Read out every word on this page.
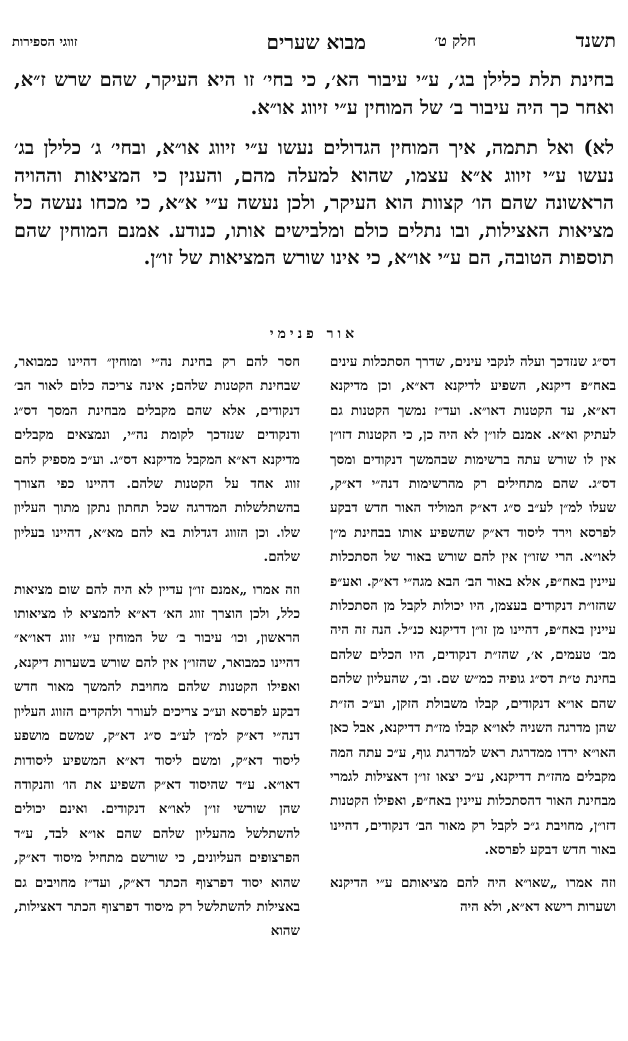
תשנד
חלק ט׳
מבוא שערים
זווגי הספירות

בחינת תלת כלילן בג׳, ע״י עיבור הא׳, כי בחי׳ זו היא העיקר, שהם שרש ז״א, ואחר כך היה עיבור ב׳ של המוחין ע״י זיווג או״א.

לא) ואל תתמה, איך המוחין הגדולים נעשו ע״י זיווג או״א, ובחי׳ ג׳ כלילן בג׳ נעשו ע״י זיווג א״א עצמו, שהוא למעלה מהם, והענין כי המציאות וההויה הראשונה שהם הו׳ קצוות הוא העיקר, ולכן נעשה ע״י א״א, כי מכחו נעשה כל מציאות האצילות, ובו נתלים כולם ומלבישים אותו, כנודע. אמנם המוחין שהם תוספות הטובה, הם ע״י או״א, כי אינו שורש המציאות של זו״ן.

אור פנימי

דס״ג שנזדכך ועלה לנקבי עינים, שדרך הסתכלות עינים באח״פ דיקנא, השפיע לדיקנא דא״א, וכן מדיקנא דא״א, עד הקטנות דאו״א. ועד״ז נמשך הקטנות גם לעתיק וא״א. אמנם לזו״ן לא היה כן, כי הקטנות דזו״ן אין לו שורש עתה ברשימות שבהמשך דנקודים ומסך דס״ג. שהם מתחילים רק מהרשימות דנה״י דא״ק, שעלו למ״ן לע״ב ס״ג דא״ק המוליד האור חדש דבקע לפרסא וירד ליסוד דא״ק שהשפיע אותו בבחינת מ״ן לאו״א. הרי שזו״ן אין להם שורש באור של הסתכלות עיינין באח״פ, אלא באור הב׳ הבא מגה״י דא״ק. ואע״פ שהזו״ת דנקודים בעצמן, היו יכולות לקבל מן הסתכלות עיינין באח״פ, דהיינו מן זו״ן דדיקנא כנ״ל. הנה זה היה מב׳ טעמים, א׳, שהז״ת דנקודים, היו הכלים שלהם בחינת ט״ת דס״ג גופיה כמ״ש שם. וב׳, שהעליון שלהם שהם או״א דנקודים, קבלו משבולת הזקן, וע״כ הז״ת שהן מדרגה השניה לאו״א קבלו מז״ת דדיקנא, אבל כאן האו״א ירדו ממדרגת ראש למדרגת גוף, ע״כ עתה המה מקבלים מהז״ת דדיקנא, ע״כ יצאו זו״ן דאצילות לגמרי מבחינת האור דהסתכלות עיינין באח״פ, ואפילו הקטנות דזו״ן, מחויבת ג״כ לקבל רק מאור הב׳ דנקודים, דהיינו באור חדש דבקע לפרסא.

וזה אמרו „שאו״א היה להם מציאותם ע״י הדיקנא ושערות רישא דא״א, ולא היה

חסר להם רק בחינת נה״י ומוחין״ דהיינו כמבואר, שבחינת הקטנות שלהם; אינה צריכה כלום לאור הב׳ דנקודים, אלא שהם מקבלים מבחינת המסך דס״ג ודנקודים שנזדכך לקומת נה״י, ונמצאים מקבלים מדיקנא דא״א המקבל מדיקנא דס״ג. וע״כ מספיק להם זווג אחד על הקטנות שלהם. דהיינו כפי הצורך בהשתלשלות המדרגה שכל תחתון נתקן מתוך העליון שלו. וכן הזווג דגדלות בא להם מא״א, דהיינו בעליון שלהם.

וזה אמרו „אמנם זו״ן עדיין לא היה להם שום מציאות כלל, ולכן הוצרך זווג הא׳ דא״א להמציא לו מציאותו הראשון, וכו׳ עיבור ב׳ של המוחין ע״י זווג דאו״א״ דהיינו כמבואר, שהזו״ן אין להם שורש בשערות דיקנא, ואפילו הקטנות שלהם מחויבת להמשך מאור חדש דבקע לפרסא וע״כ צריכים לעורר ולהקדים הזווג העליון דנה״י דא״ק למ״ן לע״ב ס״ג דא״ק, שמשם מושפע ליסוד דא״ק, ומשם ליסוד דא״א המשפיע ליסודות דאו״א. ע״ד שהיסוד דא״ק השפיע את הו׳ והנקודה שהן שורשי זו״ן לאו״א דנקודים. ואינם יכולים להשתלשל מהעליון שלהם שהם או״א לבד, ע״ד הפרצופים העליונים, כי שורשם מתחיל מיסוד דא״ק, שהוא יסוד דפרצוף הכתר דא״ק, ועד״ז מחויבים גם באצילות להשתלשל רק מיסוד דפרצוף הכתר דאצילות, שהוא
